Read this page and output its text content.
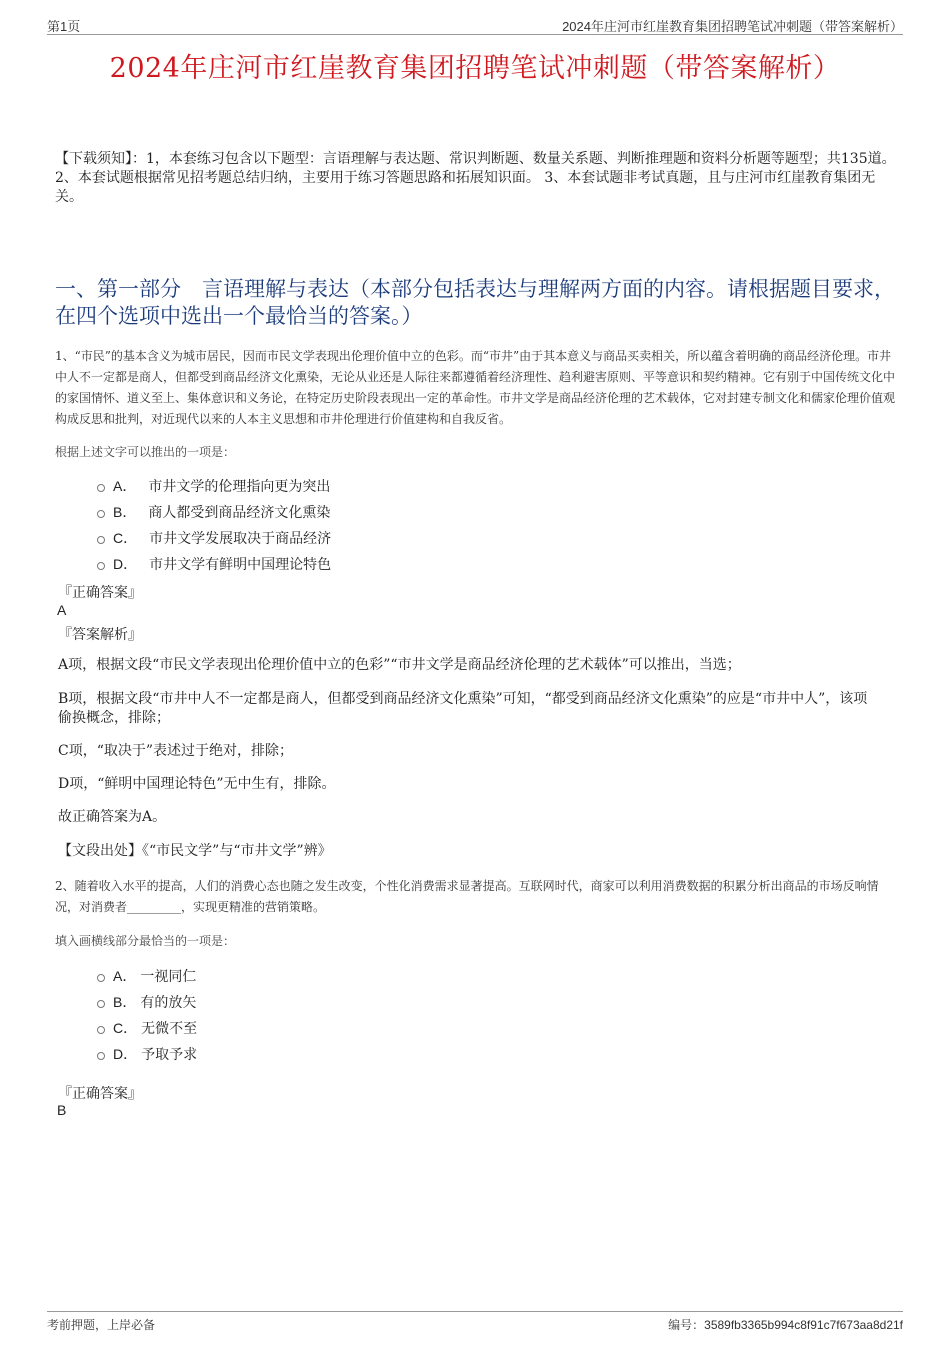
第1页	2024年庄河市红崖教育集团招聘笔试冲刺题（带答案解析）
2024年庄河市红崖教育集团招聘笔试冲刺题（带答案解析）
【下载须知】：1，本套练习包含以下题型：言语理解与表达题、常识判断题、数量关系题、判断推理题和资料分析题等题型；共135道。 2、本套试题根据常见招考题总结归纳，主要用于练习答题思路和拓展知识面。 3、本套试题非考试真题，且与庄河市红崖教育集团无关。
一、第一部分　言语理解与表达（本部分包括表达与理解两方面的内容。请根据题目要求，在四个选项中选出一个最恰当的答案。）
1、“市民”的基本含义为城市居民，因而市民文学表现出伦理价值中立的色彩。而“市井”由于其本意义与商品买卖相关，所以蕴含着明确的商品经济伦理。市井中人不一定都是商人，但都受到商品经济文化熏染，无论从业还是人际往来都遵循着经济理性、趋利避害原则、平等意识和契约精神。它有别于中国传统文化中的家国情怀、道义至上、集体意识和义务论，在特定历史阶段表现出一定的革命性。市井文学是商品经济伦理的艺术载体，它对封建专制文化和儒家伦理价值观构成反思和批判，对近现代以来的人本主义思想和市井伦理进行价值建构和自我反省。
根据上述文字可以推出的一项是：
A． 市井文学的伦理指向更为突出
B． 商人都受到商品经济文化熏染
C． 市井文学发展取决于商品经济
D． 市井文学有鲜明中国理论特色
『正确答案』
A
『答案解析』
A项，根据文段“市民文学表现出伦理价值中立的色彩”“市井文学是商品经济伦理的艺术载体”可以推出，当选；
B项，根据文段“市井中人不一定都是商人，但都受到商品经济文化熏染”可知，“都受到商品经济文化熏染”的应是“市井中人”，该项偷换概念，排除；
C项，“取决于”表述过于绝对，排除；
D项，“鲜明中国理论特色”无中生有，排除。
故正确答案为A。
【文段出处】《“市民文学”与“市井文学”辨》
2、随着收入水平的提高，人们的消费心态也随之发生改变，个性化消费需求显著提高。互联网时代，商家可以利用消费数据的积累分析出商品的市场反响情况，对消费者_________，实现更精准的营销策略。
填入画横线部分最恰当的一项是：
A． 一视同仁
B． 有的放矢
C． 无微不至
D． 予取予求
『正确答案』
B
考前押题，上岸必备	编号：3589fb3365b994c8f91c7f673aa8d21f
